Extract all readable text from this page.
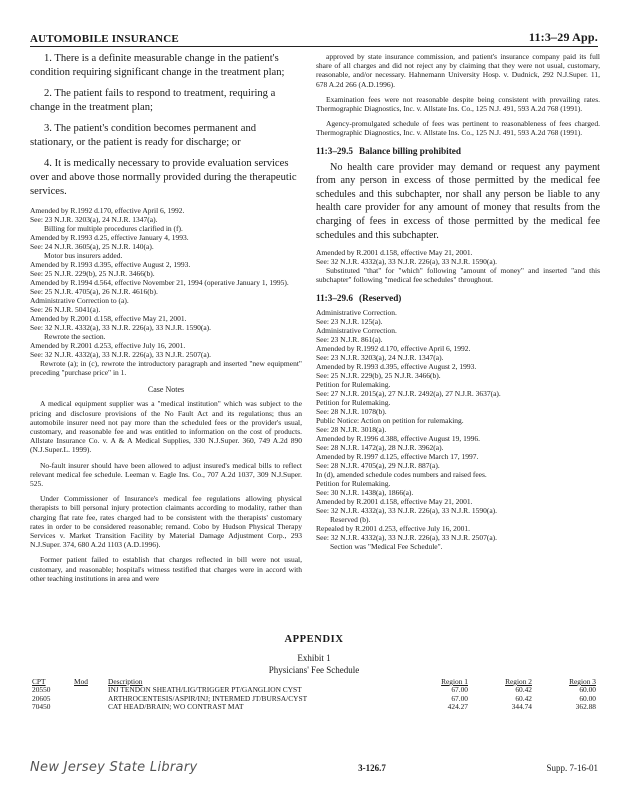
AUTOMOBILE INSURANCE	11:3–29 App.

1. There is a definite measurable change in the patient's condition requiring significant change in the treatment plan;

2. The patient fails to respond to treatment, requiring a change in the treatment plan;

3. The patient's condition becomes permanent and stationary, or the patient is ready for discharge; or

4. It is medically necessary to provide evaluation services over and above those normally provided during the therapeutic services.

Amended by R.1992 d.170, effective April 6, 1992.

See: 23 N.J.R. 3203(a), 24 N.J.R. 1347(a).

Billing for multiple procedures clarified in (f).

Amended by R.1993 d.25, effective January 4, 1993.

See: 24 N.J.R. 3605(a), 25 N.J.R. 140(a).

Motor bus insurers added.

Amended by R.1993 d.395, effective August 2, 1993.

See: 25 N.J.R. 229(b), 25 N.J.R. 3466(b).

Amended by R.1994 d.564, effective November 21, 1994 (operative January 1, 1995).

See: 25 N.J.R. 4705(a), 26 N.J.R. 4616(b).

Administrative Correction to (a).

See: 26 N.J.R. 5041(a).

Amended by R.2001 d.158, effective May 21, 2001.

See: 32 N.J.R. 4332(a), 33 N.J.R. 226(a), 33 N.J.R. 1590(a).

Rewrote the section.

Amended by R.2001 d.253, effective July 16, 2001.

See: 32 N.J.R. 4332(a), 33 N.J.R. 226(a), 33 N.J.R. 2507(a).

Rewrote (a); in (c), rewrote the introductory paragraph and inserted "new equipment" preceding "purchase price" in 1.

Case Notes

A medical equipment supplier was a "medical institution" which was subject to the pricing and disclosure provisions of the No Fault Act and its regulations; thus an automobile insurer need not pay more than the scheduled fees or the provider's usual, customary, and reasonable fee and was entitled to information on the cost of products. Allstate Insurance Co. v. A & A Medical Supplies, 330 N.J.Super. 360, 749 A.2d 890 (N.J.Super.L. 1999).

No-fault insurer should have been allowed to adjust insured's medical bills to reflect relevant medical fee schedule. Leeman v. Eagle Ins. Co., 707 A.2d 1037, 309 N.J.Super. 525.

Under Commissioner of Insurance's medical fee regulations allowing physical therapists to bill personal injury protection claimants according to modality, rather than charging flat rate fee, rates charged had to be consistent with the therapists' customary rates in order to be considered reasonable; remand. Cobo by Hudson Physical Therapy Services v. Market Transition Facility by Material Damage Adjustment Corp., 293 N.J.Super. 374, 680 A.2d 1103 (A.D.1996).

Former patient failed to establish that charges reflected in bill were not usual, customary, and reasonable; hospital's witness testified that charges were in accord with other teaching institutions in area and were

approved by state insurance commission, and patient's insurance company paid its full share of all charges and did not reject any by claiming that they were not usual, customary, reasonable, and/or necessary. Hahnemann University Hosp. v. Dudnick, 292 N.J.Super. 11, 678 A.2d 266 (A.D.1996).

Examination fees were not reasonable despite being consistent with prevailing rates. Thermographic Diagnostics, Inc. v. Allstate Ins. Co., 125 N.J. 491, 593 A.2d 768 (1991).

Agency-promulgated schedule of fees was pertinent to reasonableness of fees charged. Thermographic Diagnostics, Inc. v. Allstate Ins. Co., 125 N.J. 491, 593 A.2d 768 (1991).

11:3–29.5 Balance billing prohibited

No health care provider may demand or request any payment from any person in excess of those permitted by the medical fee schedules and this subchapter, nor shall any person be liable to any health care provider for any amount of money that results from the charging of fees in excess of those permitted by the medical fee schedules and this subchapter.

Amended by R.2001 d.158, effective May 21, 2001.

See: 32 N.J.R. 4332(a), 33 N.J.R. 226(a), 33 N.J.R. 1590(a).

Substituted "that" for "which" following "amount of money" and inserted "and this subchapter" following "medical fee schedules" throughout.

11:3–29.6 (Reserved)

Administrative Correction.

See: 23 N.J.R. 125(a).

Administrative Correction.

See: 23 N.J.R. 861(a).

Amended by R.1992 d.170, effective April 6, 1992.

See: 23 N.J.R. 3203(a), 24 N.J.R. 1347(a).

Amended by R.1993 d.395, effective August 2, 1993.

See: 25 N.J.R. 229(b), 25 N.J.R. 3466(b).

Petition for Rulemaking.

See: 27 N.J.R. 2015(a), 27 N.J.R. 2492(a), 27 N.J.R. 3637(a).

Petition for Rulemaking.

See: 28 N.J.R. 1078(b).

Public Notice: Action on petition for rulemaking.

See: 28 N.J.R. 3018(a).

Amended by R.1996 d.388, effective August 19, 1996.

See: 28 N.J.R. 1472(a), 28 N.J.R. 3962(a).

Amended by R.1997 d.125, effective March 17, 1997.

See: 28 N.J.R. 4705(a), 29 N.J.R. 887(a).

In (d), amended schedule codes numbers and raised fees.

Petition for Rulemaking.

See: 30 N.J.R. 1438(a), 1866(a).

Amended by R.2001 d.158, effective May 21, 2001.

See: 32 N.J.R. 4332(a), 33 N.J.R. 226(a), 33 N.J.R. 1590(a).

Reserved (b).

Repealed by R.2001 d.253, effective July 16, 2001.

See: 32 N.J.R. 4332(a), 33 N.J.R. 226(a), 33 N.J.R. 2507(a).

Section was "Medical Fee Schedule".

APPENDIX
Exhibit 1
Physicians' Fee Schedule
CPT	Mod	Description	Region 1	Region 2	Region 3
20550		INJ TENDON SHEATH/LIG/TRIGGER PT/GANGLION CYST	67.00	60.42	60.00
20605		ARTHROCENTESIS/ASPIR/INJ; INTERMED JT/BURSA/CYST	67.00	60.42	60.00
70450		CAT HEAD/BRAIN; WO CONTRAST MAT	424.27	344.74	362.88
New Jersey State Library	3-126.7	Supp. 7-16-01
